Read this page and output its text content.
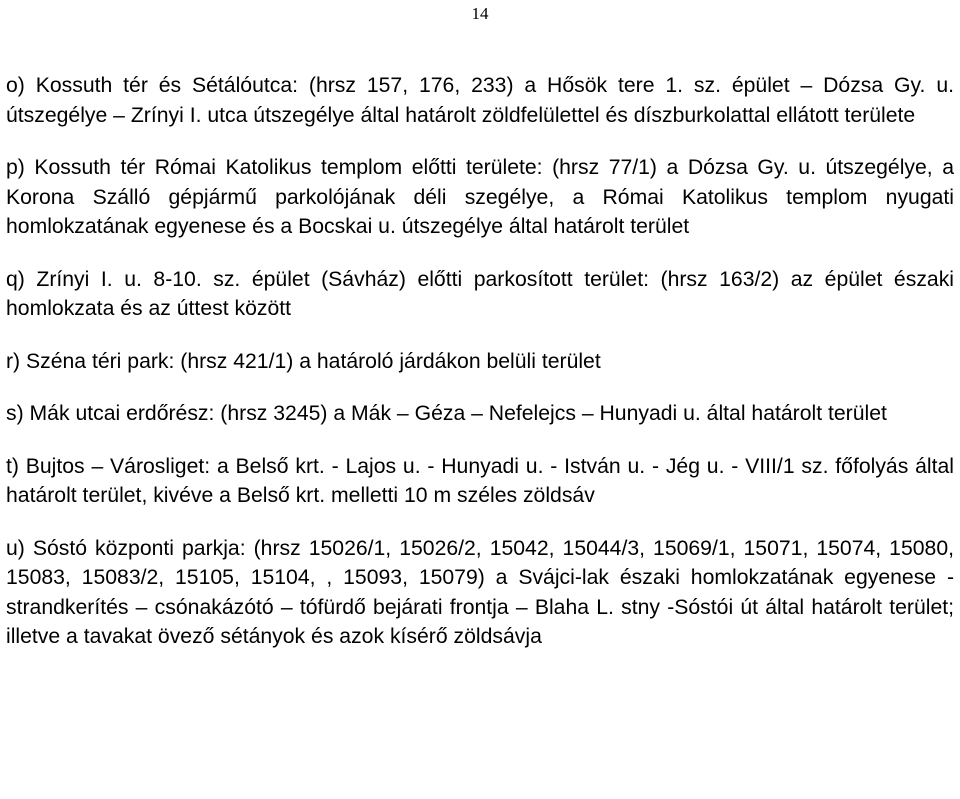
14

o) Kossuth tér és Sétálóutca: (hrsz 157, 176, 233) a Hősök tere 1. sz. épület – Dózsa Gy. u. útszegélye – Zrínyi I. utca útszegélye által határolt zöldfelülettel és díszburkolattal ellátott területe

p) Kossuth tér Római Katolikus templom előtti területe: (hrsz 77/1) a Dózsa Gy. u. útszegélye, a Korona Szálló gépjármű parkolójának déli szegélye, a Római Katolikus templom nyugati homlokzatának egyenese és a Bocskai u. útszegélye által határolt terület

q) Zrínyi I. u. 8-10. sz. épület (Sávház) előtti parkosított terület: (hrsz 163/2) az épület északi homlokzata és az úttest között

r) Széna téri park: (hrsz 421/1) a határoló járdákon belüli terület

s) Mák utcai erdőrész: (hrsz 3245) a Mák – Géza – Nefelejcs – Hunyadi u. által határolt terület

t) Bujtos – Városliget: a Belső krt. - Lajos u. - Hunyadi u. - István u. - Jég u. - VIII/1 sz. főfolyás által határolt terület, kivéve a Belső krt. melletti 10 m széles zöldsáv

u) Sóstó központi parkja: (hrsz 15026/1, 15026/2, 15042, 15044/3, 15069/1, 15071, 15074, 15080, 15083, 15083/2, 15105, 15104, , 15093, 15079) a Svájci-lak északi homlokzatának egyenese - strandkerítés – csónakázótó – tófürdő bejárati frontja – Blaha L. stny -Sóstói út által határolt terület; illetve a tavakat övező sétányok és azok kísérő zöldsávja
